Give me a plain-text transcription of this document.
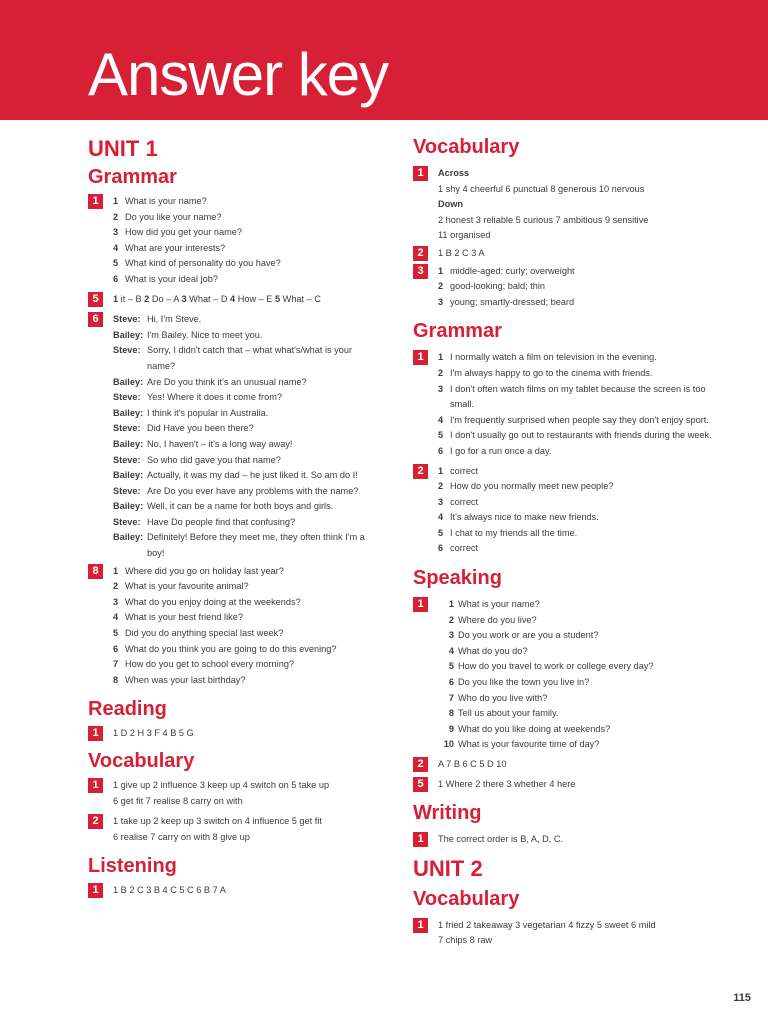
Answer key
UNIT 1
Grammar
1	1 What is your name?
2 Do you like your name?
3 How did you get your name?
4 What are your interests?
5 What kind of personality do you have?
6 What is your ideal job?
5	1 it – B 2 Do – A 3 What – D 4 How – E 5 What – C
6	Steve: Hi, I'm Steve.
Bailey: I'm Bailey. Nice to meet you.
Steve: Sorry, I didn't catch that – what what's/what is your name?
Bailey: Are Do you think it's an unusual name?
Steve: Yes! Where it does it come from?
Bailey: I think it's popular in Australia.
Steve: Did Have you been there?
Bailey: No, I haven't – it's a long way away!
Steve: So who did gave you that name?
Bailey: Actually, it was my dad – he just liked it. So am do I!
Steve: Are Do you ever have any problems with the name?
Bailey: Well, it can be a name for both boys and girls.
Steve: Have Do people find that confusing?
Bailey: Definitely! Before they meet me, they often think I'm a boy!
8	1 Where did you go on holiday last year?
2 What is your favourite animal?
3 What do you enjoy doing at the weekends?
4 What is your best friend like?
5 Did you do anything special last week?
6 What do you think you are going to do this evening?
7 How do you get to school every morning?
8 When was your last birthday?
Reading
1	1 D 2 H 3 F 4 B 5 G
Vocabulary
1	1 give up 2 influence 3 keep up 4 switch on 5 take up
6 get fit 7 realise 8 carry on with
2	1 take up 2 keep up 3 switch on 4 influence 5 get fit
6 realise 7 carry on with 8 give up
Listening
1	1 B 2 C 3 B 4 C 5 C 6 B 7 A
Vocabulary
1	Across
1 shy 4 cheerful 6 punctual 8 generous 10 nervous
Down
2 honest 3 reliable 5 curious 7 ambitious 9 sensitive
11 organised
2	1 B 2 C 3 A
3	1 middle-aged; curly; overweight
2 good-looking; bald; thin
3 young; smartly-dressed; beard
Grammar
1	1 I normally watch a film on television in the evening.
2 I'm always happy to go to the cinema with friends.
3 I don't often watch films on my tablet because the screen is too small.
4 I'm frequently surprised when people say they don't enjoy sport.
5 I don't usually go out to restaurants with friends during the week.
6 I go for a run once a day.
2	1 correct
2 How do you normally meet new people?
3 correct
4 It's always nice to make new friends.
5 I chat to my friends all the time.
6 correct
Speaking
1	1 What is your name?
2 Where do you live?
3 Do you work or are you a student?
4 What do you do?
5 How do you travel to work or college every day?
6 Do you like the town you live in?
7 Who do you live with?
8 Tell us about your family.
9 What do you like doing at weekends?
10 What is your favourite time of day?
2	A 7 B 6 C 5 D 10
5	1 Where 2 there 3 whether 4 here
Writing
1	The correct order is B, A, D, C.
UNIT 2
Vocabulary
1	1 fried 2 takeaway 3 vegetarian 4 fizzy 5 sweet 6 mild
7 chips 8 raw
115
